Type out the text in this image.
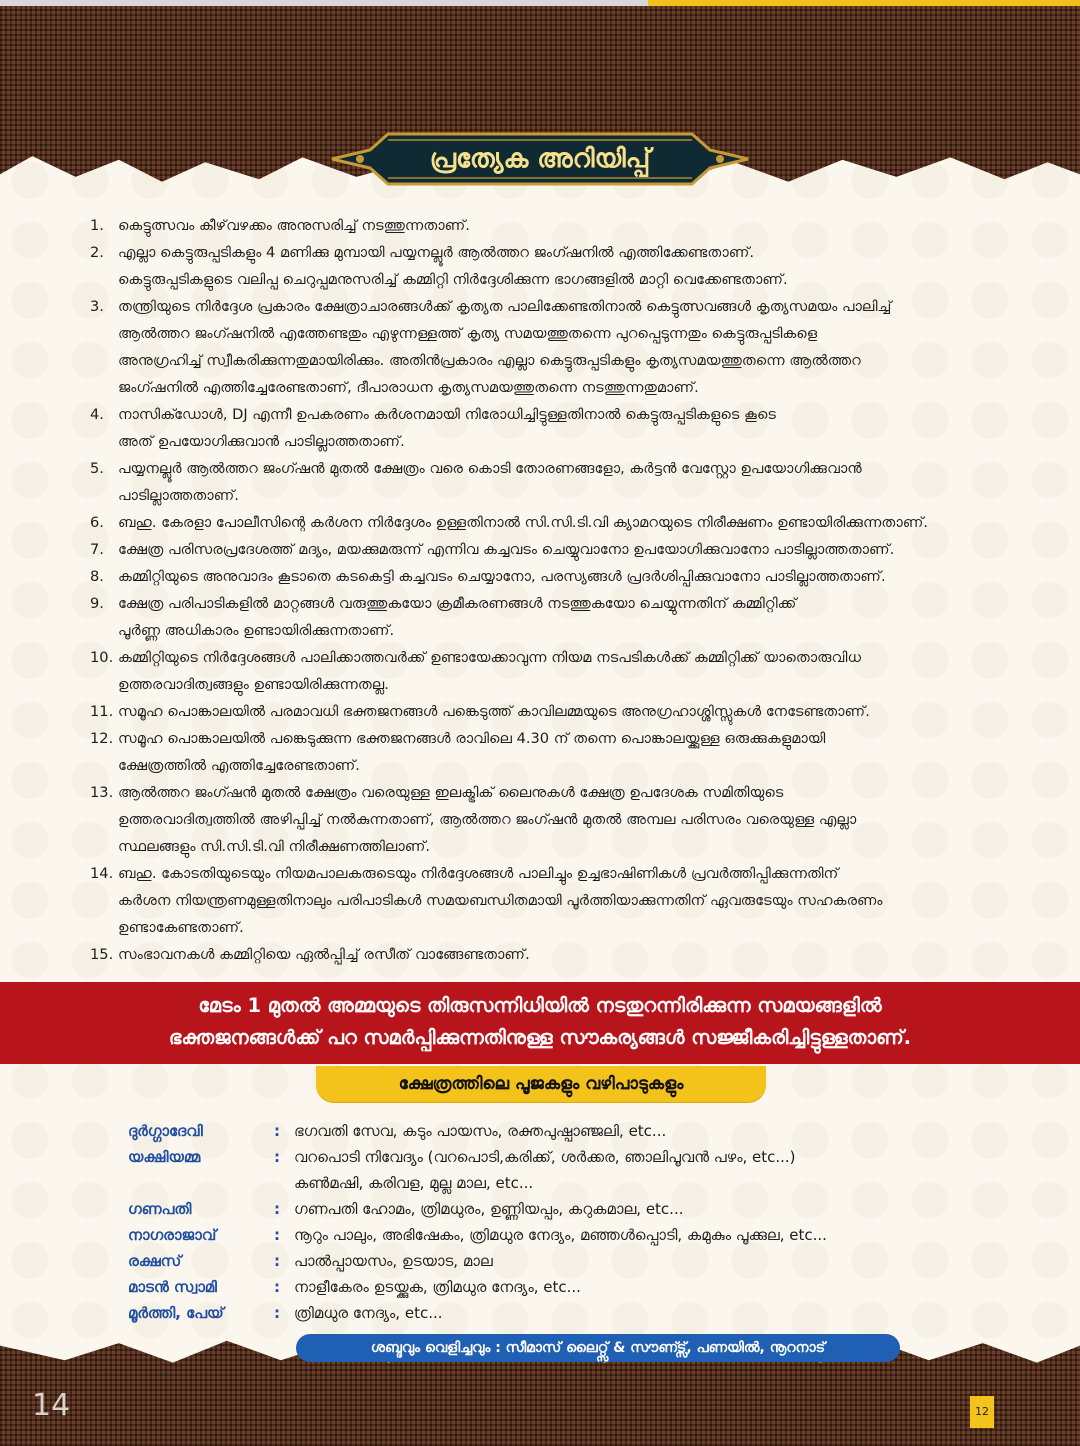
പ്രത്യേക അറിയിപ്പ്
1. കെട്ടുത്സവം കീഴ്‌വഴക്കം അനുസരിച്ച് നടത്തുന്നതാണ്.
2. എല്ലാ കെട്ടുരുപ്പടികളും 4 മണിക്കു മുമ്പായി പയ്യനല്ലൂർ ആൽത്തറ ജംഗ്ഷനിൽ എത്തിക്കേണ്ടതാണ്.
കെട്ടുരുപ്പടികളുടെ വലിപ്പ ചെറുപ്പമനുസരിച്ച് കമ്മിറ്റി നിർദ്ദേശിക്കുന്ന ഭാഗങ്ങളിൽ മാറ്റി വെക്കേണ്ടതാണ്.
3. തന്ത്രിയുടെ നിർദ്ദേശ പ്രകാരം ക്ഷേത്രാചാരങ്ങൾക്ക് കൃത്യത പാലിക്കേണ്ടതിനാൽ കെട്ടുത്സവങ്ങൾ കൃത്യസമയം പാലിച്ച്
ആൽത്തറ ജംഗ്ഷനിൽ എത്തേണ്ടതും എഴുന്നള്ളത്ത് കൃത്യ സമയത്തുതന്നെ പുറപ്പെടുന്നതും കെട്ടുരുപ്പടികളെ
അനുഗ്രഹിച്ച് സ്വീകരിക്കുന്നതുമായിരിക്കും. അതിൻപ്രകാരം എല്ലാ കെട്ടുരുപ്പടികളും കൃത്യസമയത്തുതന്നെ ആൽത്തറ
ജംഗ്ഷനിൽ എത്തിച്ചേരേണ്ടതാണ്, ദീപാരാധന കൃത്യസമയത്തുതന്നെ നടത്തുന്നതുമാണ്.
4. നാസിക്ഡോൾ, DJ എന്നീ ഉപകരണം കർശനമായി നിരോധിച്ചിട്ടുള്ളതിനാൽ കെട്ടുരുപ്പടികളുടെ കൂടെ
അത് ഉപയോഗിക്കുവാൻ പാടില്ലാത്തതാണ്.
5. പയ്യനല്ലൂർ ആൽത്തറ ജംഗ്ഷൻ മുതൽ ക്ഷേത്രം വരെ കൊടി തോരണങ്ങളോ, കർട്ടൻ വേസ്റ്റോ ഉപയോഗിക്കുവാൻ
പാടില്ലാത്തതാണ്.
6. ബഹു. കേരളാ പോലീസിന്റെ കർശന നിർദ്ദേശം ഉള്ളതിനാൽ സി.സി.ടി.വി ക്യാമറയുടെ നിരീക്ഷണം ഉണ്ടായിരിക്കുന്നതാണ്.
7. ക്ഷേത്ര പരിസരപ്രദേശത്ത് മദ്യം, മയക്കുമരുന്ന് എന്നിവ കച്ചവടം ചെയ്യുവാനോ ഉപയോഗിക്കുവാനോ പാടില്ലാത്തതാണ്.
8. കമ്മിറ്റിയുടെ അനുവാദം കൂടാതെ കടകെട്ടി കച്ചവടം ചെയ്യാനോ, പരസ്യങ്ങൾ പ്രദർശിപ്പിക്കുവാനോ പാടില്ലാത്തതാണ്.
9. ക്ഷേത്ര പരിപാടികളിൽ മാറ്റങ്ങൾ വരുത്തുകയോ ക്രമീകരണങ്ങൾ നടത്തുകയോ ചെയ്യുന്നതിന് കമ്മിറ്റിക്ക്
പൂർണ്ണ അധികാരം ഉണ്ടായിരിക്കുന്നതാണ്.
10. കമ്മിറ്റിയുടെ നിർദ്ദേശങ്ങൾ പാലിക്കാത്തവർക്ക് ഉണ്ടായേക്കാവുന്ന നിയമ നടപടികൾക്ക് കമ്മിറ്റിക്ക് യാതൊരുവിധ
ഉത്തരവാദിത്വങ്ങളും ഉണ്ടായിരിക്കുന്നതല്ല.
11. സമൂഹ പൊങ്കാലയിൽ പരമാവധി ഭക്തജനങ്ങൾ പങ്കെടുത്ത് കാവിലമ്മയുടെ അനുഗ്രഹാശ്ശിസ്സുകൾ നേടേണ്ടതാണ്.
12. സമൂഹ പൊങ്കാലയിൽ പങ്കെടുക്കുന്ന ഭക്തജനങ്ങൾ രാവിലെ 4.30 ന് തന്നെ പൊങ്കാലയ്ക്കുള്ള ഒരുക്കുകളുമായി
ക്ഷേത്രത്തിൽ എത്തിച്ചേരേണ്ടതാണ്.
13. ആൽത്തറ ജംഗ്ഷൻ മുതൽ ക്ഷേത്രം വരെയുള്ള ഇലക്ട്രിക് ലൈനുകൾ ക്ഷേത്ര ഉപദേശക സമിതിയുടെ
ഉത്തരവാദിത്വത്തിൽ അഴിപ്പിച്ച് നൽകുന്നതാണ്, ആൽത്തറ ജംഗ്ഷൻ മുതൽ അമ്പല പരിസരം വരെയുള്ള എല്ലാ
സ്ഥലങ്ങളും സി.സി.ടി.വി നിരീക്ഷണത്തിലാണ്.
14. ബഹു. കോടതിയുടെയും നിയമപാലകരുടെയും നിർദ്ദേശങ്ങൾ പാലിച്ചും ഉച്ചഭാഷിണികൾ പ്രവർത്തിപ്പിക്കുന്നതിന്
കർശന നിയന്ത്രണമുള്ളതിനാലും പരിപാടികൾ സമയബന്ധിതമായി പൂർത്തിയാക്കുന്നതിന് ഏവരുടേയും സഹകരണം
ഉണ്ടാകേണ്ടതാണ്.
15. സംഭാവനകൾ കമ്മിറ്റിയെ ഏൽപ്പിച്ച് രസീത് വാങ്ങേണ്ടതാണ്.
മേടം 1 മുതൽ അമ്മയുടെ തിരുസന്നിധിയിൽ നടതുറന്നിരിക്കുന്ന സമയങ്ങളിൽ
ഭക്തജനങ്ങൾക്ക് പറ സമർപ്പിക്കുന്നതിനുള്ള സൗകര്യങ്ങൾ സജ്ജീകരിച്ചിട്ടുള്ളതാണ്.
ക്ഷേത്രത്തിലെ പൂജകളും വഴിപാടുകളും
ദുർഗ്ഗാദേവി	: ഭഗവതി സേവ, കടും പായസം, രക്തപുഷ്പാഞ്ജലി, etc...
യക്ഷിയമ്മ	: വറപൊടി നിവേദ്യം (വറപൊടി,കരിക്ക്, ശർക്കര, ഞാലിപൂവൻ പഴം, etc...)
കൺമഷി, കരിവള, മുല്ല മാല, etc...
ഗണപതി	: ഗണപതി ഹോമം, ത്രിമധുരം, ഉണ്ണിയപ്പം, കറുകമാല, etc...
നാഗരാജാവ്	: നൂറും പാലും, അഭിഷേകം, ത്രിമധുര നേദ്യം, മഞ്ഞൾപ്പൊടി, കമുകും പൂക്കുല, etc...
രക്ഷസ്	: പാൽപ്പായസം, ഉടയാട, മാല
മാടൻ സ്വാമി	: നാളീകേരം ഉടയ്ക്കുക, ത്രിമധുര നേദ്യം, etc...
മൂർത്തി, പേയ്	: ത്രിമധുര നേദ്യം, etc...
ശബ്ദവും വെളിച്ചവും : സീമാസ് ലൈറ്റ്സ് & സൗണ്ട്സ്, പണയിൽ, നൂറനാട്
14	12
